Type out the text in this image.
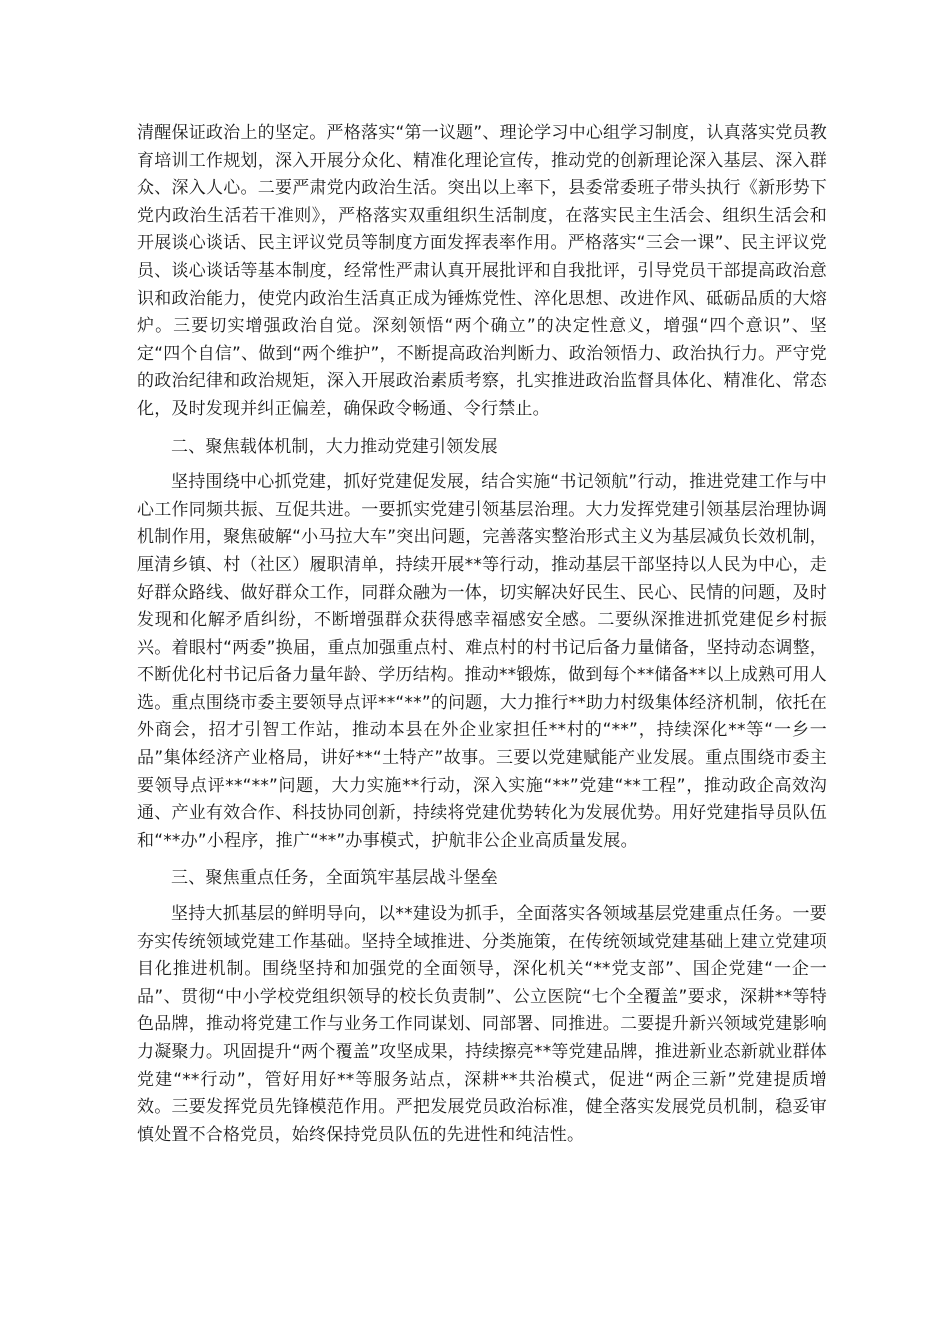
清醒保证政治上的坚定。严格落实“第一议题”、理论学习中心组学习制度，认真落实党员教育培训工作规划，深入开展分众化、精准化理论宣传，推动党的创新理论深入基层、深入群众、深入人心。二要严肃党内政治生活。突出以上率下，县委常委班子带头执行《新形势下党内政治生活若干准则》，严格落实双重组织生活制度，在落实民主生活会、组织生活会和开展谈心谈话、民主评议党员等制度方面发挥表率作用。严格落实“三会一课”、民主评议党员、谈心谈话等基本制度，经常性严肃认真开展批评和自我批评，引导党员干部提高政治意识和政治能力，使党内政治生活真正成为锤炼党性、淬化思想、改进作风、砥砺品质的大熔炉。三要切实增强政治自觉。深刻领悟“两个确立”的决定性意义，增强“四个意识”、坚定“四个自信”、做到“两个维护”，不断提高政治判断力、政治领悟力、政治执行力。严守党的政治纪律和政治规矩，深入开展政治素质考察，扎实推进政治监督具体化、精准化、常态化，及时发现并纠正偏差，确保政令畅通、令行禁止。

二、聚焦载体机制，大力推动党建引领发展

坚持围绕中心抓党建，抓好党建促发展，结合实施“书记领航”行动，推进党建工作与中心工作同频共振、互促共进。一要抓实党建引领基层治理。大力发挥党建引领基层治理协调机制作用，聚焦破解“小马拉大车”突出问题，完善落实整治形式主义为基层减负长效机制，厘清乡镇、村（社区）履职清单，持续开展**等行动，推动基层干部坚持以人民为中心，走好群众路线、做好群众工作，同群众融为一体，切实解决好民生、民心、民情的问题，及时发现和化解矛盾纠纷，不断增强群众获得感幸福感安全感。二要纵深推进抓党建促乡村振兴。着眼村“两委”换届，重点加强重点村、难点村的村书记后备力量储备，坚持动态调整，不断优化村书记后备力量年龄、学历结构。推动**锻炼，做到每个**储备**以上成熟可用人选。重点围绕市委主要领导点评**“**”的问题，大力推行**助力村级集体经济机制，依托在外商会，招才引智工作站，推动本县在外企业家担任**村的“**”，持续深化**等“一乡一品”集体经济产业格局，讲好**“土特产”故事。三要以党建赋能产业发展。重点围绕市委主要领导点评**“**”问题，大力实施**行动，深入实施“**”党建“**工程”，推动政企高效沟通、产业有效合作、科技协同创新，持续将党建优势转化为发展优势。用好党建指导员队伍和“**办”小程序，推广“**”办事模式，护航非公企业高质量发展。

三、聚焦重点任务，全面筑牢基层战斗堡垒

坚持大抓基层的鲜明导向，以**建设为抓手，全面落实各领域基层党建重点任务。一要夯实传统领域党建工作基础。坚持全域推进、分类施策，在传统领域党建基础上建立党建项目化推进机制。围绕坚持和加强党的全面领导，深化机关“**党支部”、国企党建“一企一品”、贯彻“中小学校党组织领导的校长负责制”、公立医院“七个全覆盖”要求，深耕**等特色品牌，推动将党建工作与业务工作同谋划、同部署、同推进。二要提升新兴领域党建影响力凝聚力。巩固提升“两个覆盖”攻坚成果，持续擦亮**等党建品牌，推进新业态新就业群体党建“**行动”，管好用好**等服务站点，深耕**共治模式，促进“两企三新”党建提质增效。三要发挥党员先锋模范作用。严把发展党员政治标准，健全落实发展党员机制，稳妥审慎处置不合格党员，始终保持党员队伍的先进性和纯洁性。
